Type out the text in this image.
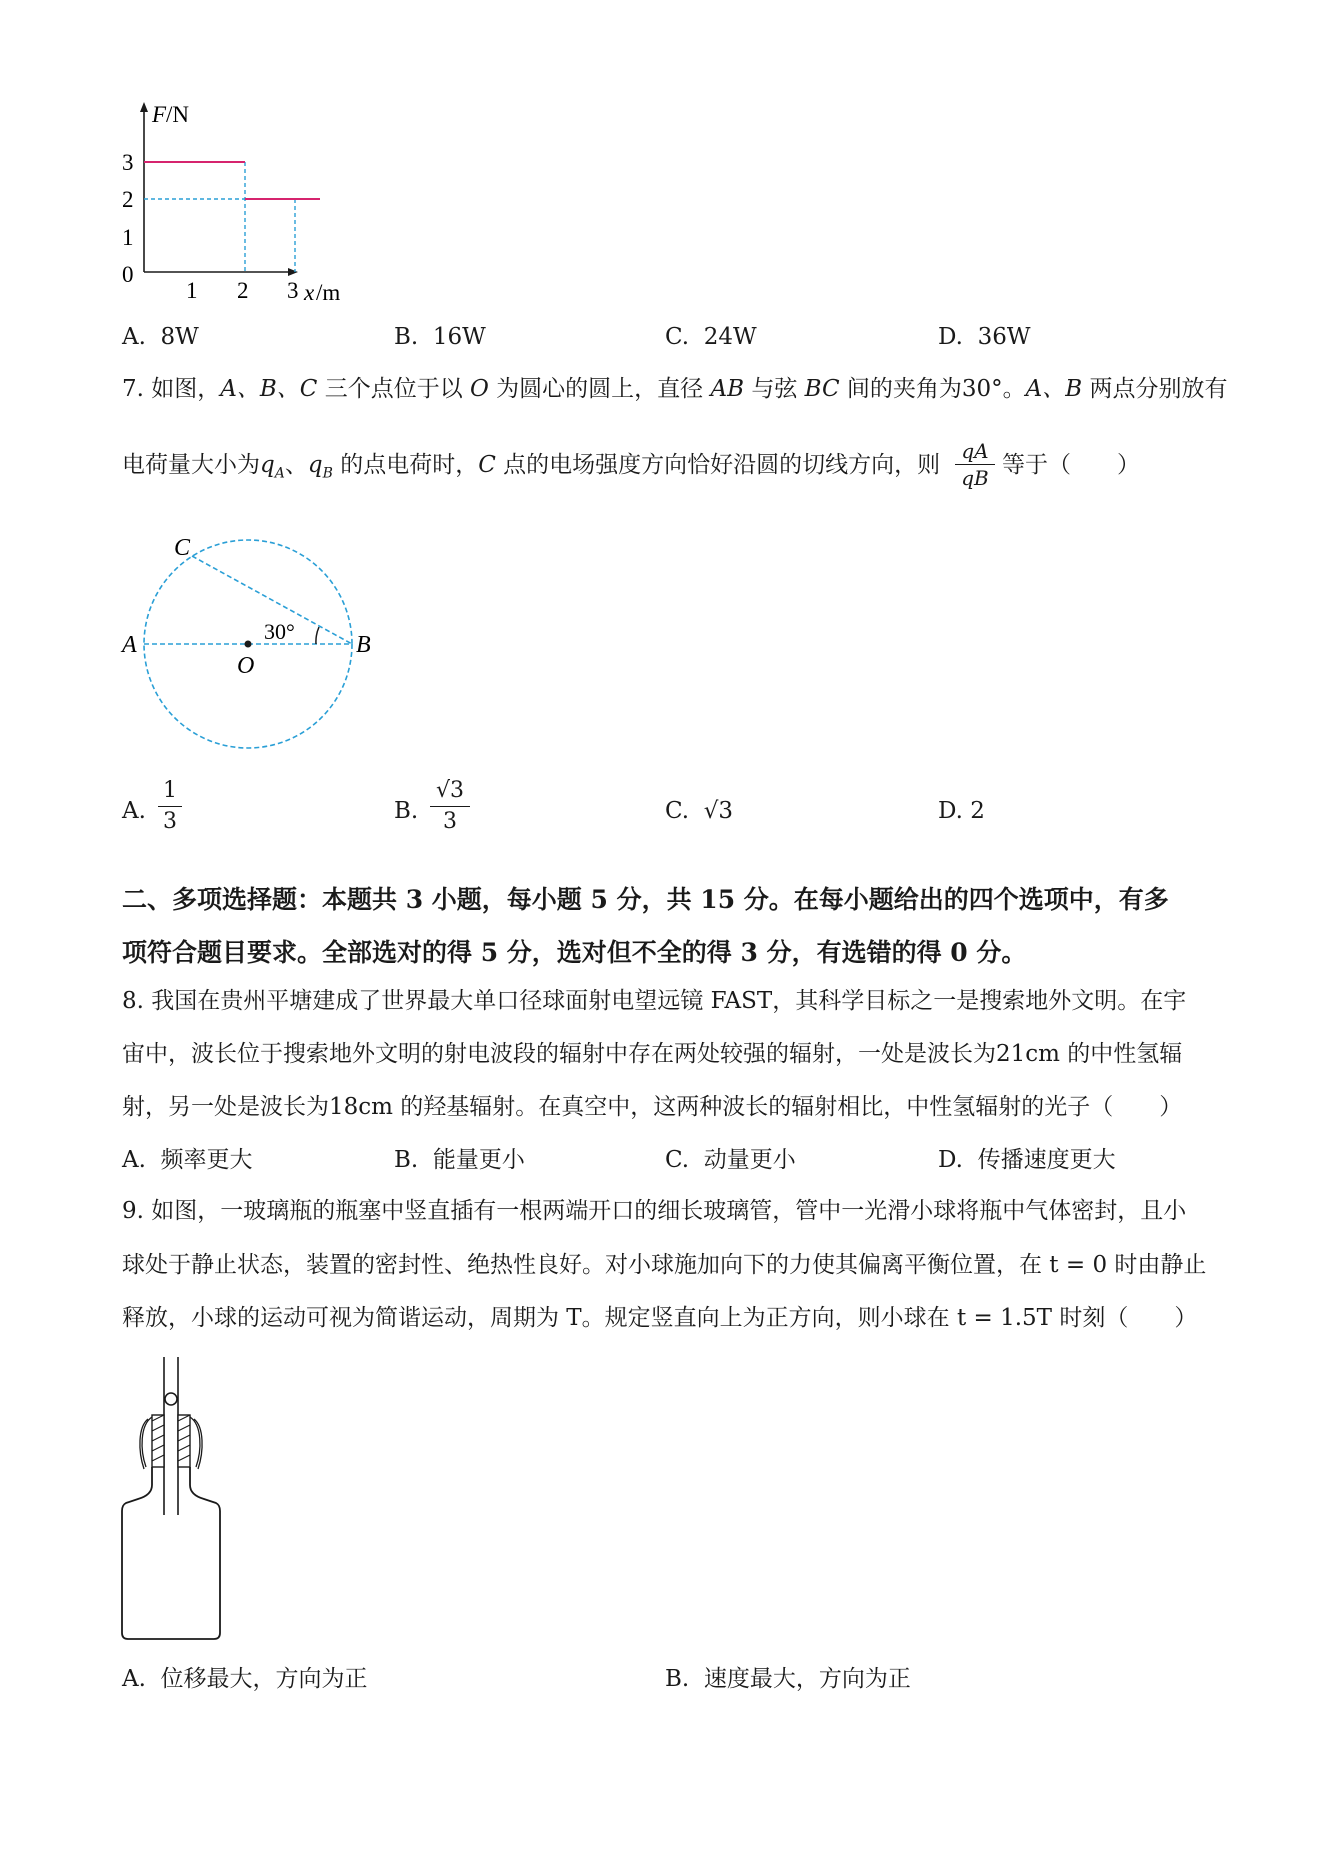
3
2
1
0
1 2 3
F /N
x /m
A. 8W	B. 16W	C. 24W	D. 36W
7. 如图，A、B、C 三个点位于以 O 为圆心的圆上，直径 AB 与弦 BC 间的夹角为30°。A、B 两点分别放有
电荷量大小为$q_A$、$q_B$ 的点电荷时，C 点的电场强度方向恰好沿圆的切线方向，则 $\frac{qA}{qB}$ 等于（　　）
C
A	B
O
30°
A.
1
3	B.
√3
3	C. √3	D. 2
二、多项选择题：本题共 3 小题，每小题 5 分，共 15 分。在每小题给出的四个选项中，有多
项符合题目要求。全部选对的得 5 分，选对但不全的得 3 分，有选错的得 0 分。
8. 我国在贵州平塘建成了世界最大单口径球面射电望远镜 FAST，其科学目标之一是搜索地外文明。在宇
宙中，波长位于搜索地外文明的射电波段的辐射中存在两处较强的辐射，一处是波长为21cm 的中性氢辐
射，另一处是波长为18cm 的羟基辐射。在真空中，这两种波长的辐射相比，中性氢辐射的光子（　　）
A. 频率更大	B. 能量更小	C. 动量更小	D. 传播速度更大
9. 如图，一玻璃瓶的瓶塞中竖直插有一根两端开口的细长玻璃管，管中一光滑小球将瓶中气体密封，且小
球处于静止状态，装置的密封性、绝热性良好。对小球施加向下的力使其偏离平衡位置，在 t = 0 时由静止
释放，小球的运动可视为简谐运动，周期为 T。规定竖直向上为正方向，则小球在 t = 1.5T 时刻（　　）
A. 位移最大，方向为正	B. 速度最大，方向为正
